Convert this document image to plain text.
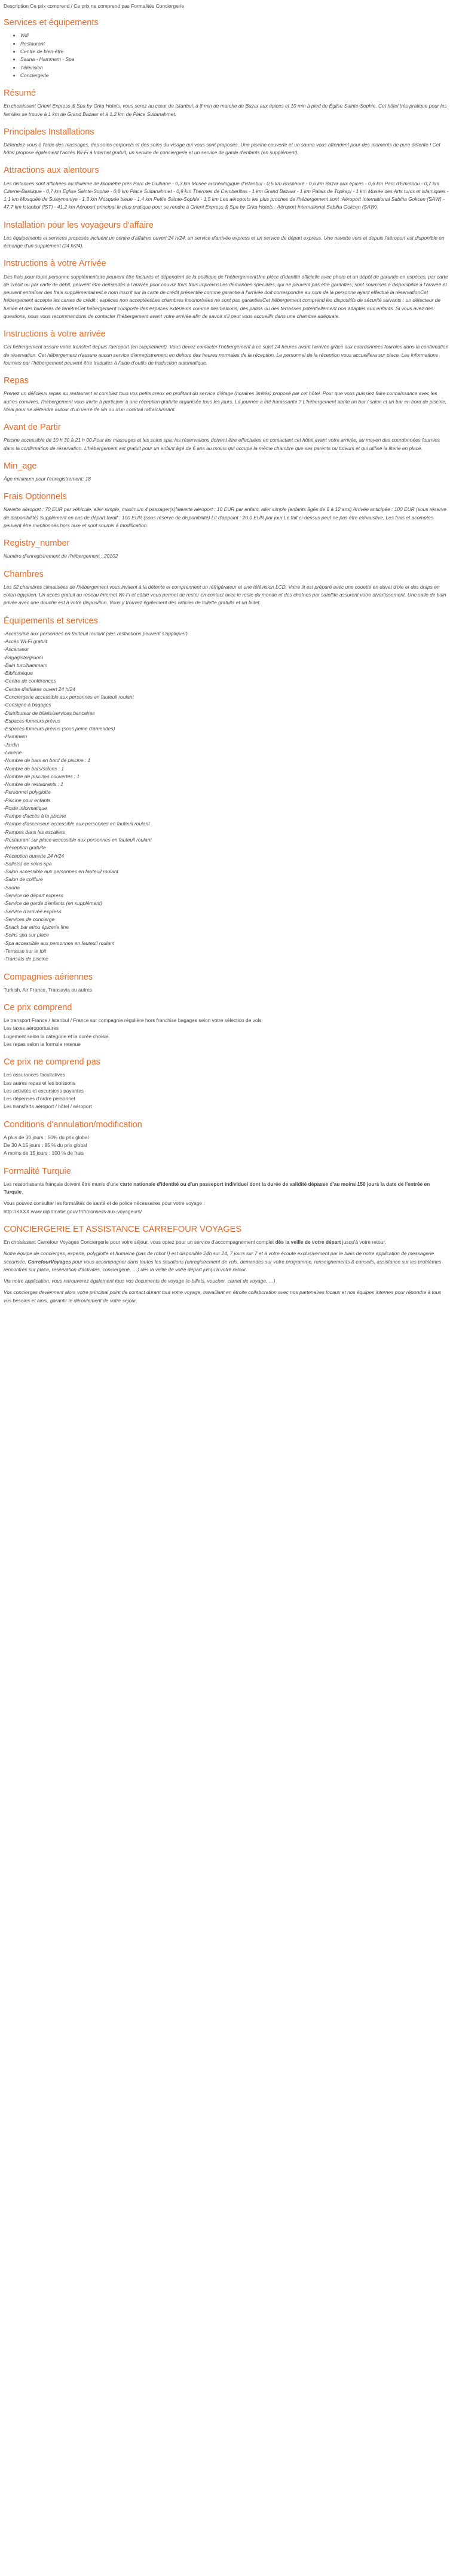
Description Ce prix comprend / Ce prix ne comprend pas Formalités Conciergerie

Services et équipements
• Wifi
• Restaurant
• Centre de bien-être
• Sauna - Hammam - Spa
• Télévision
• Conciergerie
Résumé

En choisissant Orient Express & Spa by Orka Hotels, vous serez au cœur de Istanbul, à 8 min de marche de Bazar aux épices et 10 min à pied de Église Sainte-Sophie. Cet hôtel très pratique pour les familles se trouve à 1 km de Grand Bazaar et à 1,2 km de Place Sultanahmet.

Principales Installations

Détendez-vous à l'aide des massages, des soins corporels et des soins du visage qui vous sont proposés. Une piscine couverte et un sauna vous attendent pour des moments de pure détente ! Cet hôtel propose également l'accès Wi-Fi à Internet gratuit, un service de conciergerie et un service de garde d'enfants (en supplément).

Attractions aux alentours

Les distances sont affichées au dixième de kilomètre près Parc de Gülhane - 0,3 km Musée archéologique d'Istanbul - 0,5 km Bosphore - 0,6 km Bazar aux épices - 0,6 km Parc d'Eminönü - 0,7 km Citerne-Basilique - 0,7 km Église Sainte-Sophie - 0,8 km Place Sultanahmet - 0,9 km Thermes de Cemberlitas - 1 km Grand Bazaar - 1 km Palais de Topkapi - 1 km Musée des Arts turcs et islamiques - 1,1 km Mosquée de Suleymaniye - 1,3 km Mosquée bleue - 1,4 km Petite Sainte-Sophie - 1,5 km Les aéroports les plus proches de l'hébergement sont :Aéroport International Sabiha Gokcen (SAW) - 47,7 km Istanbul (IST) - 41,2 km Aéroport principal le plus pratique pour se rendre à Orient Express & Spa by Orka Hotels : Aéroport International Sabiha Gokcen (SAW).

Installation pour les voyageurs d'affaire

Les équipements et services proposés incluent un centre d'affaires ouvert 24 h/24, un service d'arrivée express et un service de départ express. Une navette vers et depuis l'aéroport est disponible en échange d'un supplément (24 h/24).

Instructions à votre Arrivée

Des frais pour toute personne supplémentaire peuvent être facturés et dépendent de la politique de l'hébergementUne pièce d'identité officielle avec photo et un dépôt de garantie en espèces, par carte de crédit ou par carte de débit, peuvent être demandés à l'arrivée pour couvrir tous frais imprévusLes demandes spéciales, qui ne peuvent pas être garanties, sont soumises à disponibilité à l'arrivée et peuvent entraîner des frais supplémentairesLe nom inscrit sur la carte de crédit présentée comme garantie à l'arrivée doit correspondre au nom de la personne ayant effectué la réservationCet hébergement accepte les cartes de crédit ; espèces non acceptéesLes chambres insonorisées ne sont pas garantiesCet hébergement comprend les dispositifs de sécurité suivants : un détecteur de fumée et des barrières de fenêtreCet hébergement comporte des espaces extérieurs comme des balcons, des patios ou des terrasses potentiellement non adaptés aux enfants. Si vous avez des questions, nous vous recommandons de contacter l'hébergement avant votre arrivée afin de savoir s'il peut vous accueillir dans une chambre adéquate.

Instructions à votre arrivée

Cet hébergement assure votre transfert depuis l'aéroport (en supplément). Vous devez contacter l'hébergement à ce sujet 24 heures avant l'arrivée grâce aux coordonnées fournies dans la confirmation de réservation. Cet hébergement n'assure aucun service d'enregistrement en dehors des heures normales de la réception. Le personnel de la réception vous accueillera sur place. Les informations fournies par l'hébergement peuvent être traduites à l'aide d'outils de traduction automatique.

Repas

Prenez un délicieux repas au restaurant et combiez tous vos petits creux en profitant du service d'étage (horaires limités) proposé par cet hôtel. Pour que vous puissiez faire connaissance avec les autres convives, l'hébergement vous invite à participer à une réception gratuite organisée tous les jours. La journée a été harassante ? L'hébergement abrite un bar / salon et un bar en bord de piscine, idéal pour se détendre autour d'un verre de vin ou d'un cocktail rafraîchissant.

Avant de Partir

Piscine accessible de 10 h 30 à 21 h 00.Pour les massages et les soins spa, les réservations doivent être effectuées en contactant cet hôtel avant votre arrivée, au moyen des coordonnées fournies dans la confirmation de réservation. L'hébergement est gratuit pour un enfant âgé de 6 ans au moins qui occupe la même chambre que ses parents ou tuteurs et qui utilise la literie en place.

Min_age

Âge minimum pour l'enregistrement: 18

Frais Optionnels

Navette aéroport : 70 EUR par véhicule, aller simple, maximum 4 passager(s)Navette aéroport : 10 EUR par enfant, aller simple (enfants âgés de 6 à 12 ans) Arrivée anticipée : 100 EUR (sous réserve de disponibilité) Supplément en cas de départ tardif : 100 EUR (sous réserve de disponibilité) Lit d'appoint : 20.0 EUR par jour Le fait ci-dessus peut ne pas être exhaustive. Les frais et acomptes peuvent être mentionnés hors taxe et sont soumis à modification.

Registry_number

Numéro d'enregistrement de l'hébergement : 20102

Chambres

Les 52 chambres climatisées de l'hébergement vous invitent à la détente et comprennent un réfrigérateur et une télévision LCD. Votre lit est préparé avec une couette en duvet d'oie et des draps en coton égyptien. Un accès gratuit au réseau Internet Wi-Fi et câblé vous permet de rester en contact avec le reste du monde et des chaînes par satellite assurent votre divertissement. Une salle de bain privée avec une douche est à votre disposition. Vous y trouvez également des articles de toilette gratuits et un bidet.

Équipements et services
-Accessible aux personnes en fauteuil roulant (des restrictions peuvent s'appliquer)
-Accès Wi-Fi gratuit
-Ascenseur
-Bagagiste/groom
-Bain turc/hammam
-Bibliothèque
-Centre de conférences
-Centre d'affaires ouvert 24 h/24
-Conciergerie accessible aux personnes en fauteuil roulant
-Consigne à bagages
-Distributeur de billets/services bancaires
-Espaces fumeurs prévus
-Espaces fumeurs prévus (sous peine d'amendes)
-Hammam
-Jardin
-Laverie
-Nombre de bars en bord de piscine : 1
-Nombre de bars/salons : 1
-Nombre de piscines couvertes : 1
-Nombre de restaurants : 1
-Personnel polyglotte
-Piscine pour enfants
-Poste informatique
-Rampe d'accès à la piscine
-Rampe d'ascenseur accessible aux personnes en fauteuil roulant
-Rampes dans les escaliers
-Restaurant sur place accessible aux personnes en fauteuil roulant
-Réception gratuite
-Réception ouverte 24 h/24
-Salle(s) de soins spa
-Salon accessible aux personnes en fauteuil roulant
-Salon de coiffure
-Sauna
-Service de départ express
-Service de garde d'enfants (en supplément)
-Service d'arrivée express
-Services de concierge
-Snack bar et/ou épicerie fine
-Soins spa sur place
-Spa accessible aux personnes en fauteuil roulant
-Terrasse sur le toit
-Transats de piscine
Compagnies aériennes

Turkish, Air France, Transavia ou autres

Ce prix comprend
Le transport France / Istanbul / France sur compagnie régulière hors franchise bagages selon votre sélection de vols
Les taxes aéroportuaires
Logement selon la catégorie et la durée choisie.
Les repas selon la formule retenue
Ce prix ne comprend pas
Les assurances facultatives
Les autres repas et les boissons
Les activités et excursions payantes
Les dépenses d'ordre personnel
Les transferts aéroport / hôtel / aéroport
Conditions d'annulation/modification
A plus de 30 jours : 50% du prix global
De 30 A 15 jours : 85 % du prix global
A moins de 15 jours : 100 % de frais
Formalité Turquie

Les ressortissants français doivent être munis d'une carte nationale d'identité ou d'un passeport individuel dont la durée de validité dépasse d'au moins 150 jours la date de l'entrée en Turquie.

Vous pouvez consulter les formalités de santé et de police nécessaires pour votre voyage :

http://XXXX.www.diplomatie.gouv.fr/fr/conseils-aux-voyageurs/

CONCIERGERIE ET ASSISTANCE CARREFOUR VOYAGES

En choisissant Carrefour Voyages Conciergerie pour votre séjour, vous optez pour un service d'accompagnement complet dès la veille de votre départ jusqu'à votre retour.

Notre équipe de concierges, experte, polyglotte et humaine (pas de robot !) est disponible 24h sur 24, 7 jours sur 7 et à votre écoute exclusivement par le biais de notre application de messagerie sécurisée, CarrefourVoyages pour vous accompagner dans toutes les situations (enregistrement de vols, demandes sur votre programme, renseignements & conseils, assistance sur les problèmes rencontrés sur place, réservation d'activités, conciergerie, …) dès la veille de votre départ jusqu'à votre retour.

Via notre application, vous retrouverez également tous vos documents de voyage (e-billets, voucher, carnet de voyage, …)

Vos concierges deviennent alors votre principal point de contact durant tout votre voyage, travaillant en étroite collaboration avec nos partenaires locaux et nos équipes internes pour répondre à tous vos besoins et ainsi, garantir le déroulement de votre séjour.
